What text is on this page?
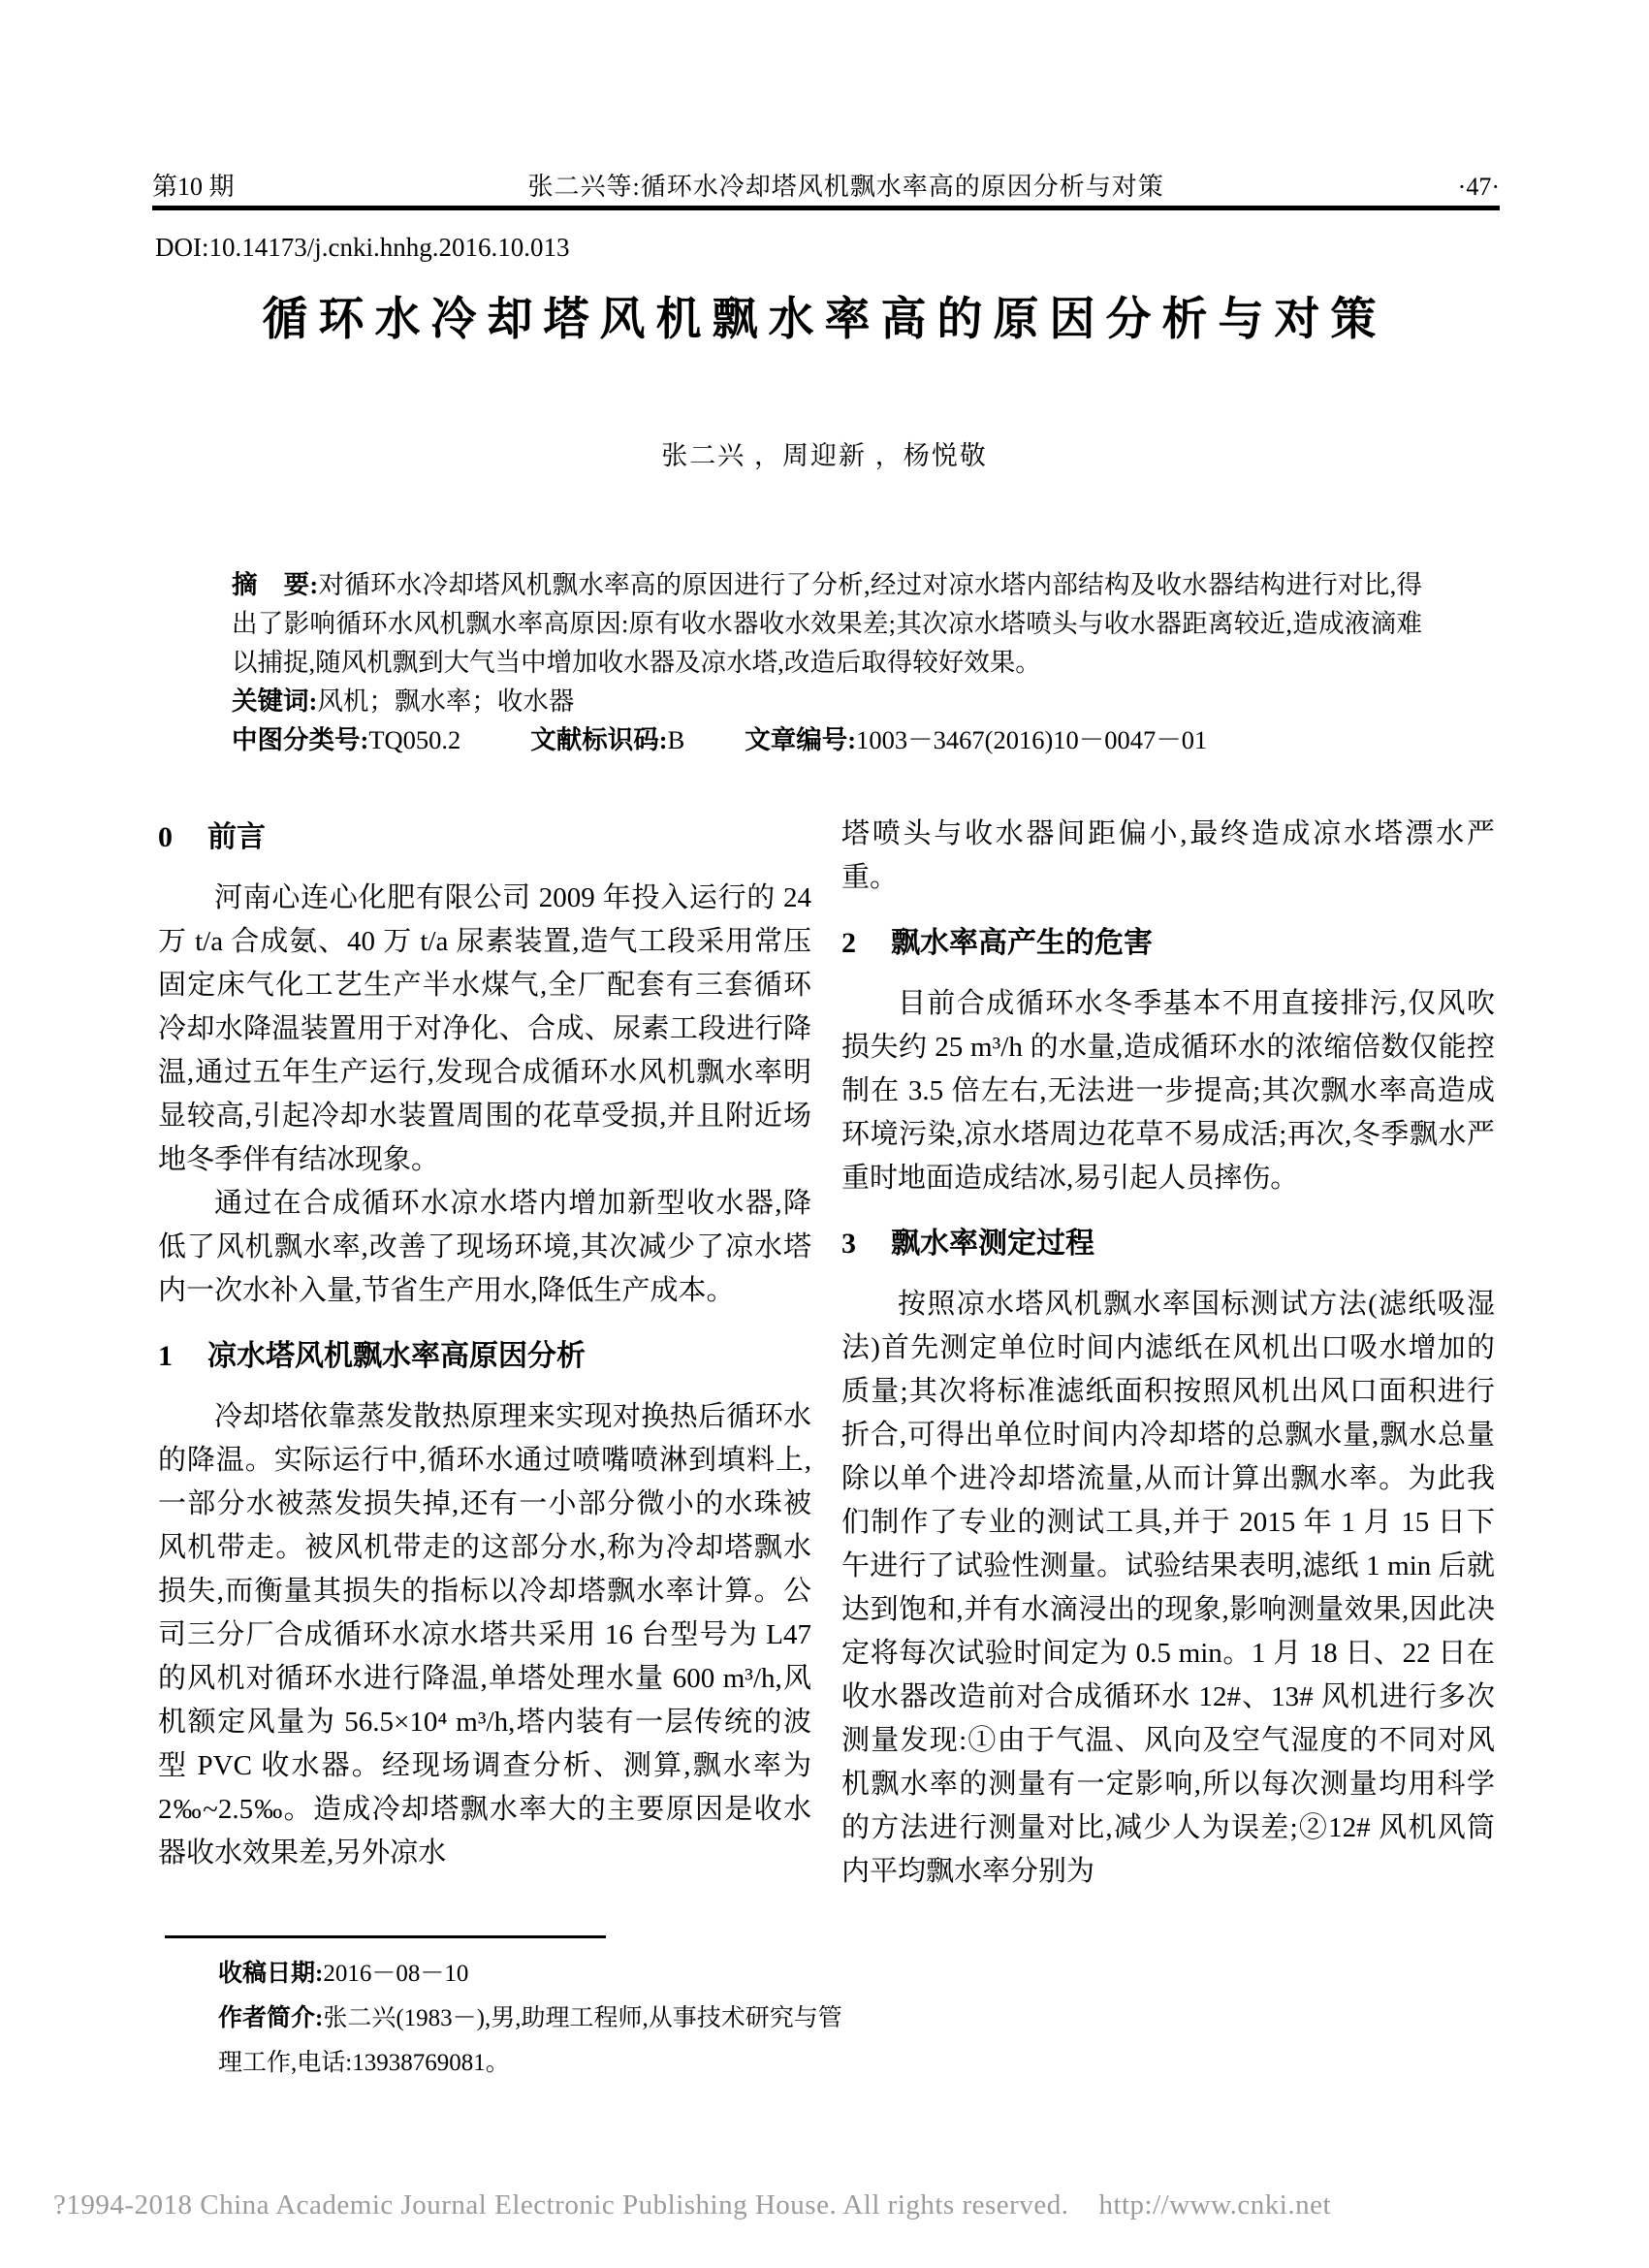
第10 期	张二兴等:循环水冷却塔风机飘水率高的原因分析与对策	·47·
DOI:10.14173/j.cnki.hnhg.2016.10.013
循环水冷却塔风机飘水率高的原因分析与对策
张二兴 ，周迎新 ，杨悦敬
摘　要:对循环水冷却塔风机飘水率高的原因进行了分析,经过对凉水塔内部结构及收水器结构进行对比,得出了影响循环水风机飘水率高原因:原有收水器收水效果差;其次凉水塔喷头与收水器距离较近,造成液滴难以捕捉,随风机飘到大气当中增加收水器及凉水塔,改造后取得较好效果。
关键词:风机；飘水率；收水器
中图分类号:TQ050.2	文献标识码:B 文章编号:1003－3467(2016)10－0047－01
0 前言

河南心连心化肥有限公司 2009 年投入运行的 24 万 t/a 合成氨、40 万 t/a 尿素装置,造气工段采用常压固定床气化工艺生产半水煤气,全厂配套有三套循环冷却水降温装置用于对净化、合成、尿素工段进行降温,通过五年生产运行,发现合成循环水风机飘水率明显较高,引起冷却水装置周围的花草受损,并且附近场地冬季伴有结冰现象。

通过在合成循环水凉水塔内增加新型收水器,降低了风机飘水率,改善了现场环境,其次减少了凉水塔内一次水补入量,节省生产用水,降低生产成本。

1 凉水塔风机飘水率高原因分析

冷却塔依靠蒸发散热原理来实现对换热后循环水的降温。实际运行中,循环水通过喷嘴喷淋到填料上,一部分水被蒸发损失掉,还有一小部分微小的水珠被风机带走。被风机带走的这部分水,称为冷却塔飘水损失,而衡量其损失的指标以冷却塔飘水率计算。公司三分厂合成循环水凉水塔共采用 16 台型号为 L47 的风机对循环水进行降温,单塔处理水量 600 m³/h,风机额定风量为 56.5×10⁴ m³/h,塔内装有一层传统的波型 PVC 收水器。经现场调查分析、测算,飘水率为 2‰~2.5‰。造成冷却塔飘水率大的主要原因是收水器收水效果差,另外凉水

塔喷头与收水器间距偏小,最终造成凉水塔漂水严重。

2 飘水率高产生的危害

目前合成循环水冬季基本不用直接排污,仅风吹损失约 25 m³/h 的水量,造成循环水的浓缩倍数仅能控制在 3.5 倍左右,无法进一步提高;其次飘水率高造成环境污染,凉水塔周边花草不易成活;再次,冬季飘水严重时地面造成结冰,易引起人员摔伤。

3 飘水率测定过程

按照凉水塔风机飘水率国标测试方法(滤纸吸湿法)首先测定单位时间内滤纸在风机出口吸水增加的质量;其次将标准滤纸面积按照风机出风口面积进行折合,可得出单位时间内冷却塔的总飘水量,飘水总量除以单个进冷却塔流量,从而计算出飘水率。为此我们制作了专业的测试工具,并于 2015 年 1 月 15 日下午进行了试验性测量。试验结果表明,滤纸 1 min 后就达到饱和,并有水滴浸出的现象,影响测量效果,因此决定将每次试验时间定为 0.5 min。1 月 18 日、22 日在收水器改造前对合成循环水 12#、13# 风机进行多次测量发现:①由于气温、风向及空气湿度的不同对风机飘水率的测量有一定影响,所以每次测量均用科学的方法进行测量对比,减少人为误差;②12# 风机风筒内平均飘水率分别为

收稿日期:2016－08－10
作者简介:张二兴(1983－),男,助理工程师,从事技术研究与管理工作,电话:13938769081。
?1994-2018 China Academic Journal Electronic Publishing House. All rights reserved.    http://www.cnki.net
